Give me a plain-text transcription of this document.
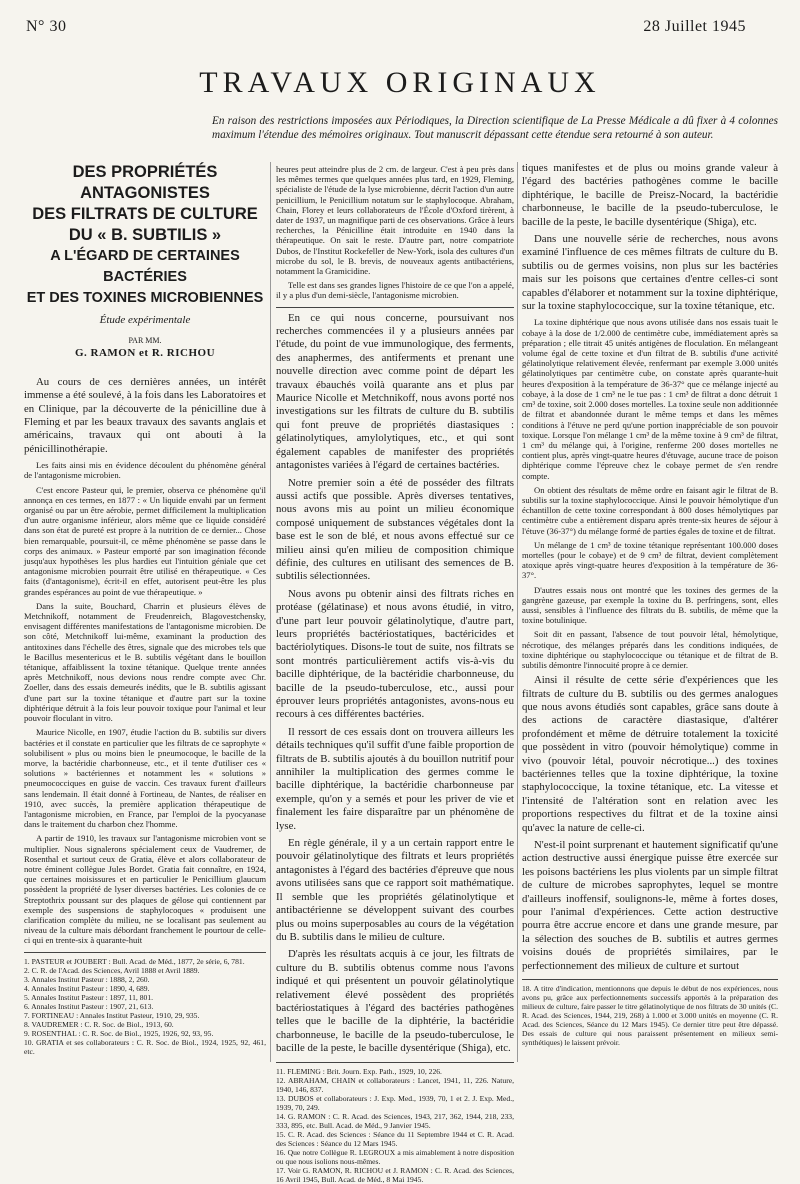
N° 30	28 Juillet 1945
TRAVAUX ORIGINAUX
En raison des restrictions imposées aux Périodiques, la Direction scientifique de La Presse Médicale a dû fixer à 4 colonnes maximum l'étendue des mémoires originaux. Tout manuscrit dépassant cette étendue sera retourné à son auteur.
DES PROPRIÉTÉS ANTAGONISTES
DES FILTRATS DE CULTURE
DU « B. SUBTILIS »
A L'ÉGARD DE CERTAINES
BACTÉRIES
ET DES TOXINES MICROBIENNES
Étude expérimentale
PAR MM.
G. RAMON et R. RICHOU

Au cours de ces dernières années, un intérêt immense a été soulevé, à la fois dans les Laboratoires et en Clinique, par la découverte de la pénicilline due à Fleming et par les beaux travaux des savants anglais et américains, travaux qui ont abouti à la pénicillinothérapie.

Les faits ainsi mis en évidence découlent du phénomène général de l'antagonisme microbien.

C'est encore Pasteur qui, le premier, observa ce phénomène qu'il annonça en ces termes, en 1877 : « Un liquide envahi par un ferment organisé ou par un être aérobie, permet difficilement la multiplication d'un autre organisme inférieur, alors même que ce liquide considéré dans son état de pureté est propre à la nutrition de ce dernier... Chose bien remarquable, poursuit-il, ce même phénomène se passe dans le corps des animaux. » Pasteur emporté par son imagination féconde jusqu'aux hypothèses les plus hardies eut l'intuition géniale que cet antagonisme microbien pourrait être utilisé en thérapeutique. « Ces faits (d'antagonisme), écrit-il en effet, autorisent peut-être les plus grandes espérances au point de vue thérapeutique. »

Dans la suite, Bouchard, Charrin et plusieurs élèves de Metchnikoff, notamment de Freudenreich, Blagovestchensky, envisagent différentes manifestations de l'antagonisme microbien. De son côté, Metchnikoff lui-même, examinant la production des antitoxines dans l'échelle des êtres, signale que des microbes tels que le Bacillus mesentericus et le B. subtilis végétant dans le bouillon tétanique, affaiblissent la toxine tétanique. Quelque trente années après Metchnikoff, nous devions nous rendre compte avec Chr. Zoeller, dans des essais demeurés inédits, que le B. subtilis agissant d'une part sur la toxine tétanique et d'autre part sur la toxine diphtérique détruit à la fois leur pouvoir toxique pour l'animal et leur pouvoir floculant in vitro.

Maurice Nicolle, en 1907, étudie l'action du B. subtilis sur divers bactéries et il constate en particulier que les filtrats de ce saprophyte « solubilisent » plus ou moins bien le pneumocoque, le bacille de la morve, la bactéridie charbonneuse, etc., et il tente d'utiliser ces « solutions » bactériennes et notamment les « solutions » pneumococciques en guise de vaccin. Ces travaux furent d'ailleurs sans lendemain. Il était donné à Fortineau, de Nantes, de réaliser en 1910, avec succès, la première application thérapeutique de l'antagonisme microbien, en France, par l'emploi de la pyocyanase dans le traitement du charbon chez l'homme.

A partir de 1910, les travaux sur l'antagonisme microbien vont se multiplier. Nous signalerons spécialement ceux de Vaudremer, de Rosenthal et surtout ceux de Gratia, élève et alors collaborateur de notre éminent collègue Jules Bordet. Gratia fait connaître, en 1924, que certaines moisissures et en particulier le Penicillium glaucum possèdent la propriété de lyser diverses bactéries. Les colonies de ce Streptothrix poussant sur des plaques de gélose qui contiennent par exemple des suspensions de staphylocoques « produisent une clarification complète du milieu, ne se localisant pas seulement au niveau de la culture mais débordant franchement le pourtour de celle-ci qui en trente-six à quarante-huit

1. PASTEUR et JOUBERT : Bull. Acad. de Méd., 1877, 2e série, 6, 781.
2. C. R. de l'Acad. des Sciences, Avril 1888 et Avril 1889.
3. Annales Institut Pasteur : 1888, 2, 260.
4. Annales Institut Pasteur : 1890, 4, 689.
5. Annales Institut Pasteur : 1897, 11, 801.
6. Annales Institut Pasteur : 1907, 21, 613.
7. FORTINEAU : Annales Institut Pasteur, 1910, 29, 935.
8. VAUDREMER : C. R. Soc. de Biol., 1913, 60.
9. ROSENTHAL : C. R. Soc. de Biol., 1925, 1926, 92, 93, 95.
10. GRATIA et ses collaborateurs : C. R. Soc. de Biol., 1924, 1925, 92, 461, etc.

heures peut atteindre plus de 2 cm. de largeur. C'est à peu près dans les mêmes termes que quelques années plus tard, en 1929, Fleming, spécialiste de l'étude de la lyse microbienne, décrit l'action d'un autre penicillium, le Penicillium notatum sur le staphylocoque. Abraham, Chain, Florey et leurs collaborateurs de l'École d'Oxford tirèrent, à dater de 1937, un magnifique parti de ces observations. Grâce à leurs recherches, la Pénicilline était introduite en 1940 dans la thérapeutique. On sait le reste. D'autre part, notre compatriote Dubos, de l'Institut Rockefeller de New-York, isola des cultures d'un microbe du sol, le B. brevis, de nouveaux agents antibactériens, notamment la Gramicidine.

Telle est dans ses grandes lignes l'histoire de ce que l'on a appelé, il y a plus d'un demi-siècle, l'antagonisme microbien.

En ce qui nous concerne, poursuivant nos recherches commencées il y a plusieurs années par l'étude, du point de vue immunologique, des ferments, des anaphermes, des antiferments et prenant une nouvelle direction avec comme point de départ les travaux ébauchés voilà quarante ans et plus par Maurice Nicolle et Metchnikoff, nous avons porté nos investigations sur les filtrats de culture du B. subtilis qui font preuve de propriétés diastasiques : gélatinolytiques, amylolytiques, etc., et qui sont également capables de manifester des propriétés antagonistes variées à l'égard de certaines bactéries.

Notre premier soin a été de posséder des filtrats aussi actifs que possible. Après diverses tentatives, nous avons mis au point un milieu économique composé uniquement de substances végétales dont la base est le son de blé, et nous avons effectué sur ce milieu ainsi qu'en milieu de composition chimique définie, des cultures en utilisant des semences de B. subtilis sélectionnées.

Nous avons pu obtenir ainsi des filtrats riches en protéase (gélatinase) et nous avons étudié, in vitro, d'une part leur pouvoir gélatinolytique, d'autre part, leurs propriétés bactériostatiques, bactéricides et bactériolytiques. Disons-le tout de suite, nos filtrats se sont montrés particulièrement actifs vis-à-vis du bacille diphtérique, de la bactéridie charbonneuse, du bacille de la pseudo-tuberculose, etc., aussi pour éprouver leurs propriétés antagonistes, avons-nous eu recours à ces différentes bactéries.

Il ressort de ces essais dont on trouvera ailleurs les détails techniques qu'il suffit d'une faible proportion de filtrats de B. subtilis ajoutés à du bouillon nutritif pour annihiler la multiplication des germes comme le bacille diphtérique, la bactéridie charbonneuse par exemple, qu'on y a semés et pour les priver de vie et finalement les faire disparaître par un phénomène de lyse.

En règle générale, il y a un certain rapport entre le pouvoir gélatinolytique des filtrats et leurs propriétés antagonistes à l'égard des bactéries d'épreuve que nous avons utilisées sans que ce rapport soit mathématique. Il semble que les propriétés gélatinolytique et antibactérienne se développent suivant des courbes plus ou moins superposables au cours de la végétation du B. subtilis dans le milieu de culture.

D'après les résultats acquis à ce jour, les filtrats de culture du B. subtilis obtenus comme nous l'avons indiqué et qui présentent un pouvoir gélatinolytique relativement élevé possèdent des propriétés bactériostatiques à l'égard des bactéries pathogènes telles que le bacille de la diphtérie, la bactéridie charbonneuse, le bacille de la pseudo-tuberculose, le bacille de la peste, le bacille dysentérique (Shiga), etc.

11. FLEMING : Brit. Journ. Exp. Path., 1929, 10, 226.
12. ABRAHAM, CHAIN et collaborateurs : Lancet, 1941, 11, 226. Nature, 1940, 146, 837.
13. DUBOS et collaborateurs : J. Exp. Med., 1939, 70, 1 et 2. J. Exp. Med., 1939, 70, 249.
14. G. RAMON : C. R. Acad. des Sciences, 1943, 217, 362, 1944, 218, 233, 333, 895, etc. Bull. Acad. de Méd., 9 Janvier 1945.
15. C. R. Acad. des Sciences : Séance du 11 Septembre 1944 et C. R. Acad. des Sciences : Séance du 12 Mars 1945.
16. Que notre Collègue R. LEGROUX a mis aimablement à notre disposition ou que nous isolions nous-mêmes.
17. Voir G. RAMON, R. RICHOU et J. RAMON : C. R. Acad. des Sciences, 16 Avril 1945, Bull. Acad. de Méd., 8 Mai 1945.

tiques manifestes et de plus ou moins grande valeur à l'égard des bactéries pathogènes comme le bacille diphtérique, le bacille de Preisz-Nocard, la bactéridie charbonneuse, le bacille de la pseudo-tuberculose, le bacille de la peste, le bacille dysentérique (Shiga), etc.

Dans une nouvelle série de recherches, nous avons examiné l'influence de ces mêmes filtrats de culture du B. subtilis ou de germes voisins, non plus sur les bactéries mais sur les poisons que certaines d'entre celles-ci sont capables d'élaborer et notamment sur la toxine diphtérique, sur la toxine staphylococcique, sur la toxine tétanique, etc.

La toxine diphtérique que nous avons utilisée dans nos essais tuait le cobaye à la dose de 1/2.000 de centimètre cube, immédiatement après sa préparation ; elle titrait 45 unités antigènes de floculation. En mélangeant volume égal de cette toxine et d'un filtrat de B. subtilis d'une activité gélatinolytique relativement élevée, renfermant par exemple 3.000 unités gélatinolytiques par centimètre cube, on constate après quarante-huit heures d'exposition à la température de 36-37° que ce mélange injecté au cobaye, à la dose de 1 cm³ ne le tue pas : 1 cm³ de filtrat a donc détruit 1 cm³ de toxine, soit 2.000 doses mortelles. La toxine seule non additionnée de filtrat et abandonnée durant le même temps et dans les mêmes conditions à l'étuve ne perd qu'une portion inappréciable de son pouvoir toxique. Lorsque l'on mélange 1 cm³ de la même toxine à 9 cm³ de filtrat, 1 cm³ du mélange qui, à l'origine, renferme 200 doses mortelles ne contient plus, après vingt-quatre heures d'étuvage, aucune trace de poison diphtérique comme l'épreuve chez le cobaye permet de s'en rendre compte.

On obtient des résultats de même ordre en faisant agir le filtrat de B. subtilis sur la toxine staphylococcique. Ainsi le pouvoir hémolytique d'un échantillon de cette toxine correspondant à 800 doses hémolytiques par centimètre cube a entièrement disparu après trente-six heures de séjour à l'étuve (36-37°) du mélange formé de parties égales de toxine et de filtrat.

Un mélange de 1 cm³ de toxine tétanique représentant 100.000 doses mortelles (pour le cobaye) et de 9 cm³ de filtrat, devient complètement atoxique après vingt-quatre heures d'exposition à la température de 36-37°.

D'autres essais nous ont montré que les toxines des germes de la gangrène gazeuse, par exemple la toxine du B. perfringens, sont, elles aussi, sensibles à l'influence des filtrats du B. subtilis, de même que la toxine botulinique.

Soit dit en passant, l'absence de tout pouvoir létal, hémolytique, nécrotique, des mélanges préparés dans les conditions indiquées, de toxine diphtérique ou staphylococcique ou tétanique et de filtrat de B. subtilis démontre l'innocuité propre à ce dernier.

Ainsi il résulte de cette série d'expériences que les filtrats de culture du B. subtilis ou des germes analogues que nous avons étudiés sont capables, grâce sans doute à des actions de caractère diastasique, d'altérer profondément et même de détruire totalement la toxicité que possèdent in vitro (pouvoir hémolytique) comme in vivo (pouvoir létal, pouvoir nécrotique...) des toxines bactériennes telles que la toxine diphtérique, la toxine staphylococcique, la toxine tétanique, etc. La vitesse et l'intensité de l'altération sont en relation avec les proportions respectives du filtrat et de la toxine ainsi qu'avec la nature de celle-ci.

N'est-il point surprenant et hautement significatif qu'une action destructive aussi énergique puisse être exercée sur les poisons bactériens les plus violents par un simple filtrat de culture de microbes saprophytes, lequel se montre d'ailleurs inoffensif, soulignons-le, même à fortes doses, pour l'animal d'expériences. Cette action destructive pourra être accrue encore et dans une grande mesure, par la sélection des souches de B. subtilis et autres germes voisins doués de propriétés similaires, par le perfectionnement des milieux de culture et surtout

18. A titre d'indication, mentionnons que depuis le début de nos expériences, nous avons pu, grâce aux perfectionnements successifs apportés à la préparation des milieux de culture, faire passer le titre gélatinolytique de nos filtrats de 30 unités (C. R. Acad. des Sciences, 1944, 219, 268) à 1.000 et 3.000 unités en moyenne (C. R. Acad. des Sciences, Séance du 12 Mars 1945). Ce dernier titre peut être dépassé. Des essais de culture qui nous paraissent présentement en milieux semi-synthétiques) le laissent prévoir.
